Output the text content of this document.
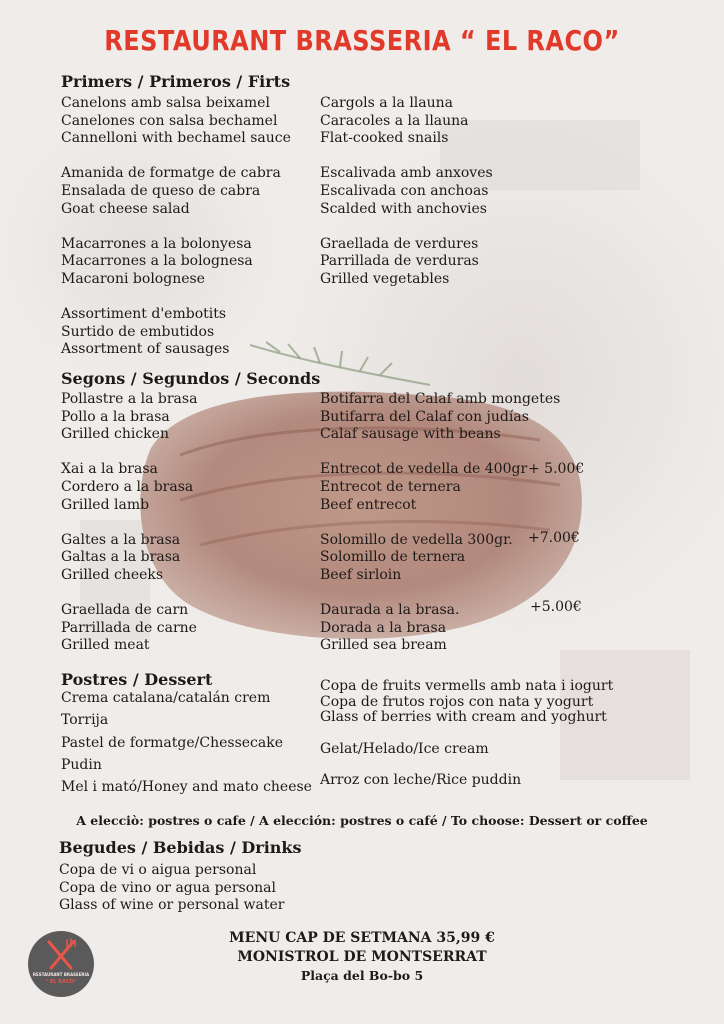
RESTAURANT BRASSERIA “ EL RACO”
Primers / Primeros / Firts
Canelons amb salsa beixamel
Canelones con salsa bechamel
Cannelloni with bechamel sauce
Amanida de formatge de cabra
Ensalada de queso de cabra
Goat cheese salad
Macarrones a la bolonyesa
Macarrones a la bolognesa
Macaroni bolognese
Assortiment d'embotits
Surtido de embutidos
Assortment of sausages
Cargols a la llauna
Caracoles a la llauna
Flat-cooked snails
Escalivada amb anxoves
Escalivada con anchoas
Scalded with anchovies
Graellada de verdures
Parrillada de verduras
Grilled vegetables
Segons / Segundos / Seconds
Pollastre a la brasa
Pollo a la brasa
Grilled chicken
Xai a la brasa
Cordero a la brasa
Grilled lamb
Galtes a la brasa
Galtas a la brasa
Grilled cheeks
Graellada de carn
Parrillada de carne
Grilled meat
Botifarra del Calaf amb mongetes
Butifarra del Calaf con judías
Calaf sausage with beans
Entrecot de vedella de 400gr
Entrecot de ternera
Beef entrecot
Solomillo de vedella 300gr.
Solomillo de ternera
Beef sirloin
Daurada a la brasa.
Dorada a la brasa
Grilled sea bream
+ 5.00€
+7.00€
+5.00€
Postres / Dessert
Crema catalana/catalán crem
Torrija
Pastel de formatge/Chessecake
Pudin
Mel i mató/Honey and mato cheese
Copa de fruits vermells amb nata i iogurt
Copa de frutos rojos con nata y yogurt
Glass of berries with cream and yoghurt
Gelat/Helado/Ice cream
Arroz con leche/Rice puddin
A elecciò: postres o cafe / A elección: postres o café / To choose: Dessert or coffee
Begudes / Bebidas / Drinks
Copa de vi o aigua personal
Copa de vino or agua personal
Glass of wine or personal water
MENU CAP DE SETMANA 35,99 €
MONISTROL DE MONTSERRAT
Plaça del Bo-bo 5
RESTAURANT BRASSERIA
" EL RACO"
